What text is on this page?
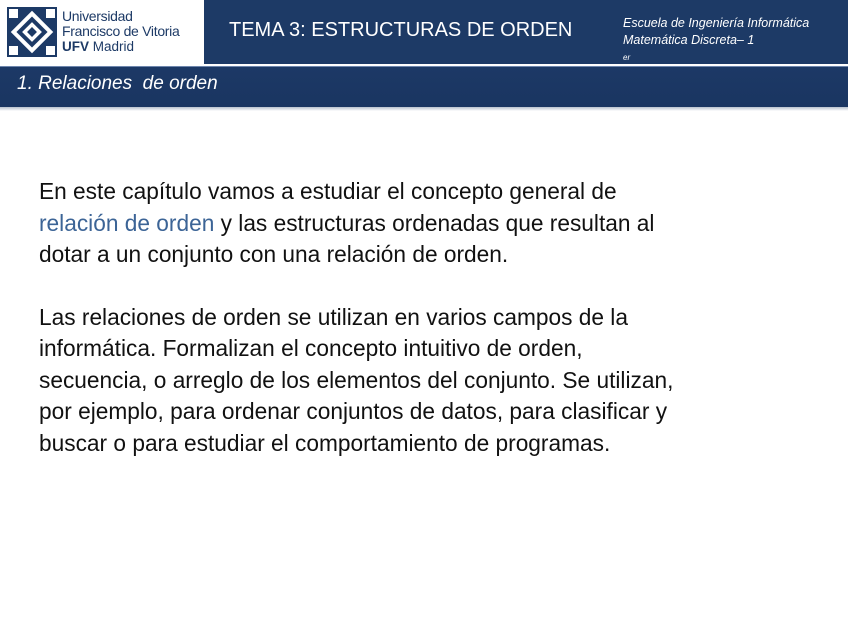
Universidad
Francisco de Vitoria
UFV Madrid
TEMA 3: ESTRUCTURAS DE ORDEN	Escuela de Ingeniería Informática
Matemática Discreta– 1
$^{er}$
1. Relaciones  de orden

En este capítulo vamos a estudiar el concepto general de
relación de orden y las estructuras ordenadas que resultan al
dotar a un conjunto con una relación de orden.

Las relaciones de orden se utilizan en varios campos de la
informática. Formalizan el concepto intuitivo de orden,
secuencia, o arreglo de los elementos del conjunto. Se utilizan,
por ejemplo, para ordenar conjuntos de datos, para clasificar y
buscar o para estudiar el comportamiento de programas.
